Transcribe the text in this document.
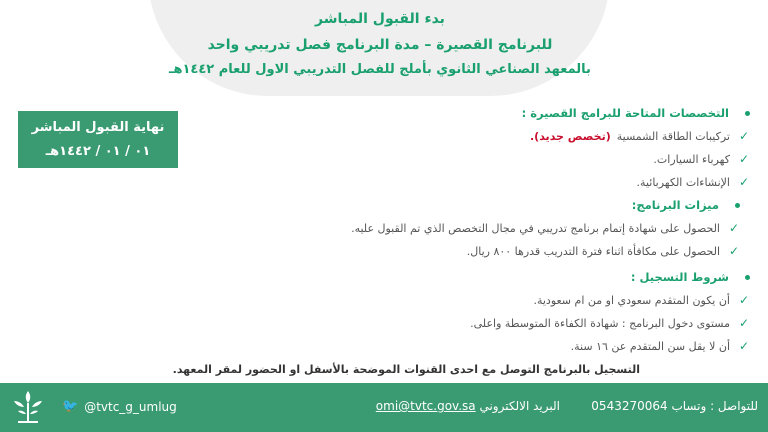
بدء القبول المباشر
للبرنامج القصيرة – مدة البرنامج فصل تدريبي واحد
بالمعهد الصناعي الثانوي بأملج للفصل التدريبي الاول للعام ١٤٤٢هـ
نهاية القبول المباشر
٠١ / ٠١ / ١٤٤٢هـ
التخصصات المتاحة للبرامج القصيرة :
✓
تركيبات الطاقة الشمسية
(تخصص جديد).
✓
كهرباء السيارات.
✓
الإنشاءات الكهربائية.
ميزات البرنامج:
✓
الحصول على شهادة إتمام برنامج تدريبي في مجال التخصص الذي تم القبول عليه.
✓
الحصول على مكافأة اثناء فترة التدريب قدرها ٨٠٠ ريال.
شروط التسجيل :
✓
أن يكون المتقدم سعودي او من ام سعودية.
✓
مستوى دخول البرنامج : شهادة الكفاءة المتوسطة واعلى.
✓
أن لا يقل سن المتقدم عن ١٦ سنة.
التسجيل بالبرنامج التوصل مع احدى القنوات الموضحة بالأسفل او الحضور لمقر المعهد.
للتواصل : وتساب 0543270064
البريد الالكتروني omi@tvtc.gov.sa
🐦 @tvtc_g_umlug
